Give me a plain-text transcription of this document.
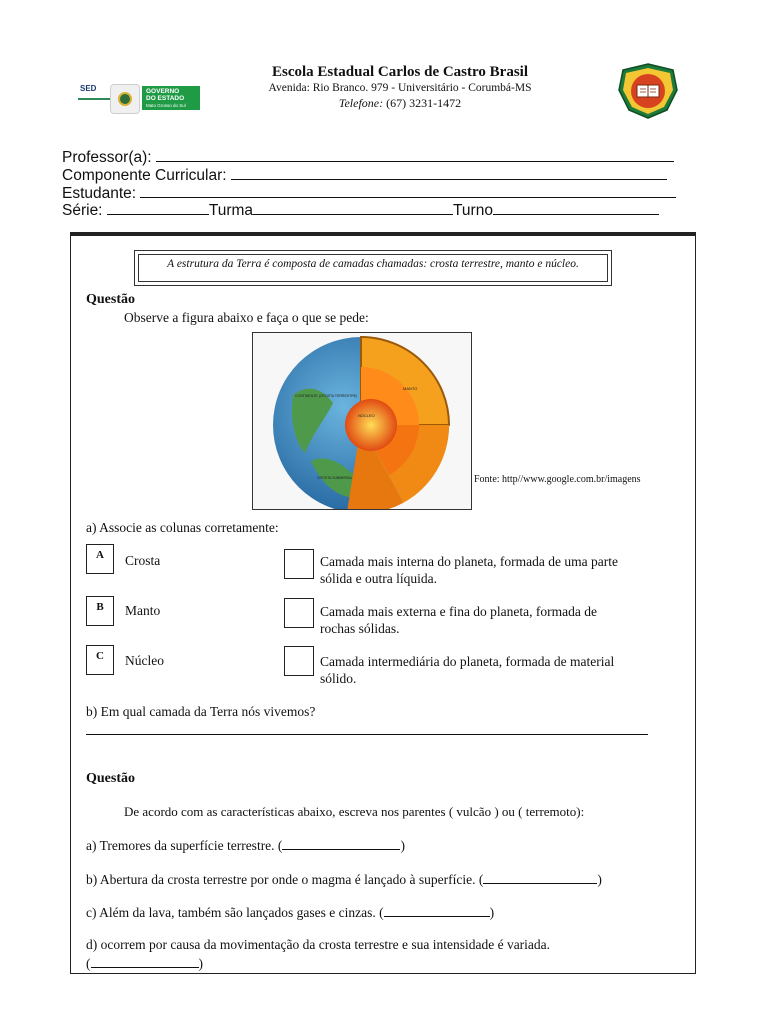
SED	GOVERNO
DO ESTADO
Mato Grosso do Sul
Escola Estadual Carlos de Castro Brasil
Avenida: Rio Branco. 979 - Universitário - Corumbá-MS
Telefone: (67) 3231-1472
Professor(a):
Componente Curricular:
Estudante:
Série:	Turma	Turno
A estrutura da Terra é composta de camadas chamadas: crosta terrestre, manto e núcleo.
Questão
Observe a figura abaixo e faça o que se pede:
MANTO
NÚCLEO
CONTINENTE (CROSTA TERRESTRE)
CROSTA SUBMERSA	Fonte: http//www.google.com.br/imagens
a) Associe as colunas corretamente:
A	Crosta	Camada mais interna do planeta, formada de uma parte
sólida e outra líquida.
B	Manto	Camada mais externa e fina do planeta, formada de
rochas sólidas.
C	Núcleo	Camada intermediária do planeta, formada de material
sólido.
b) Em qual camada da Terra nós vivemos?
Questão
De acordo com as características abaixo, escreva nos parentes ( vulcão ) ou ( terremoto):
a) Tremores da superfície terrestre. (	)
b) Abertura da crosta terrestre por onde o magma é lançado à superfície. (	)
c) Além da lava, também são lançados gases e cinzas. (	)
d) ocorrem por causa da movimentação da crosta terrestre e sua intensidade é variada.
(	)
